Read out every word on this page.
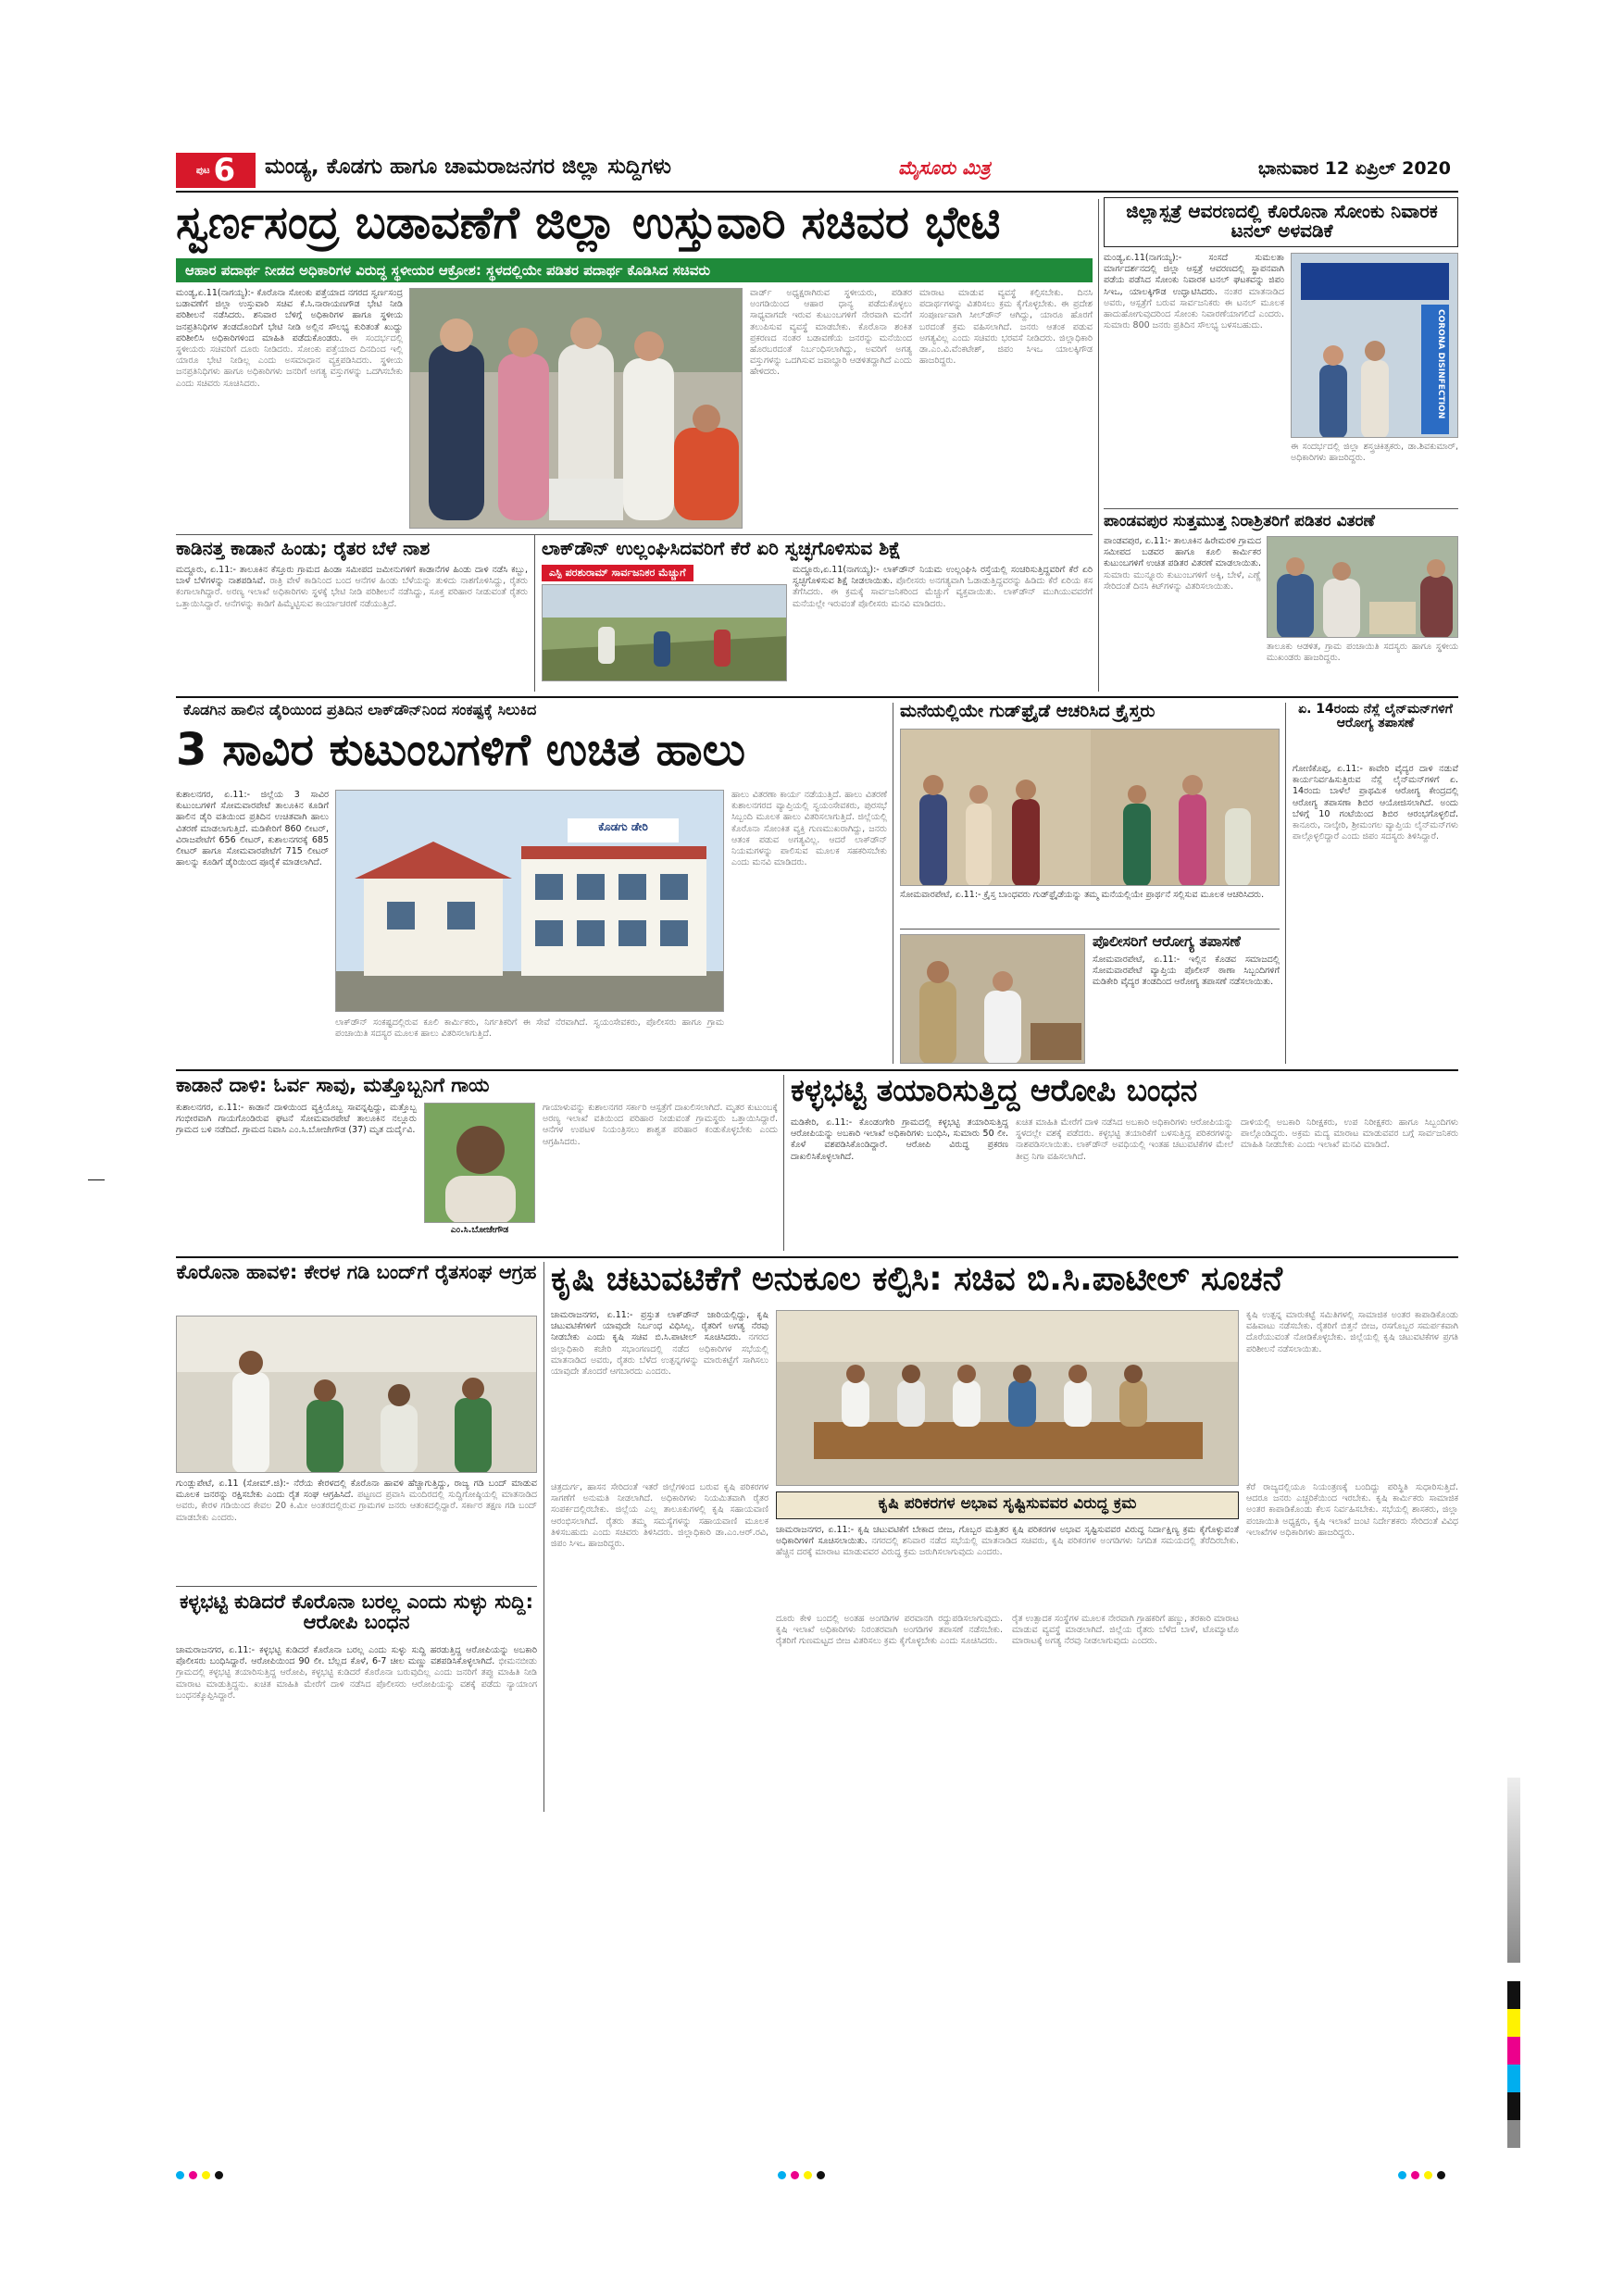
ಪುಟ 6 ಮಂಡ್ಯ, ಕೊಡಗು ಹಾಗೂ ಚಾಮರಾಜನಗರ ಜಿಲ್ಲಾ ಸುದ್ದಿಗಳು	ಮೈಸೂರು ಮಿತ್ರ	ಭಾನುವಾರ 12 ಏಪ್ರಿಲ್ 2020
ಸ್ವರ್ಣಸಂದ್ರ ಬಡಾವಣೆಗೆ ಜಿಲ್ಲಾ ಉಸ್ತುವಾರಿ ಸಚಿವರ ಭೇಟಿ
ಆಹಾರ ಪದಾರ್ಥ ನೀಡದ ಅಧಿಕಾರಿಗಳ ವಿರುದ್ಧ ಸ್ಥಳೀಯರ ಆಕ್ರೋಶ: ಸ್ಥಳದಲ್ಲಿಯೇ ಪಡಿತರ ಪದಾರ್ಥ ಕೊಡಿಸಿದ ಸಚಿವರು
ಮಂಡ್ಯ,ಏ.11(ನಾಗಯ್ಯ):- ಕೊರೊನಾ ಸೋಂಕು ಪತ್ತೆಯಾದ ನಗರದ ಸ್ವರ್ಣಸಂದ್ರ ಬಡಾವಣೆಗೆ ಜಿಲ್ಲಾ ಉಸ್ತುವಾರಿ ಸಚಿವ ಕೆ.ಸಿ.ನಾರಾಯಣಗೌಡ ಭೇಟಿ ನೀಡಿ ಪರಿಶೀಲನೆ ನಡೆಸಿದರು. ಶನಿವಾರ ಬೆಳಿಗ್ಗೆ ಅಧಿಕಾರಿಗಳ ಹಾಗೂ ಸ್ಥಳೀಯ ಜನಪ್ರತಿನಿಧಿಗಳ ತಂಡದೊಂದಿಗೆ ಭೇಟಿ ನೀಡಿ ಅಲ್ಲಿನ ಸೌಲಭ್ಯ ಕುರಿತಂತೆ ಖುದ್ದು ಪರಿಶೀಲಿಸಿ ಅಧಿಕಾರಿಗಳಿಂದ ಮಾಹಿತಿ ಪಡೆದುಕೊಂಡರು. ಈ ಸಂದರ್ಭದಲ್ಲಿ ಸ್ಥಳೀಯರು ಸಚಿವರಿಗೆ ದೂರು ನೀಡಿದರು. ಸೋಂಕು ಪತ್ತೆಯಾದ ದಿನದಿಂದ ಇಲ್ಲಿ ಯಾರೂ ಭೇಟಿ ನೀಡಿಲ್ಲ ಎಂದು ಅಸಮಾಧಾನ ವ್ಯಕ್ತಪಡಿಸಿದರು. ಸ್ಥಳೀಯ ಜನಪ್ರತಿನಿಧಿಗಳು ಹಾಗೂ ಅಧಿಕಾರಿಗಳು ಜನರಿಗೆ ಅಗತ್ಯ ವಸ್ತುಗಳನ್ನು ಒದಗಿಸಬೇಕು ಎಂದು ಸಚಿವರು ಸೂಚಿಸಿದರು.
ವಾರ್ಡ್ ಅಧ್ಯಕ್ಷರಾಗಿರುವ ಸ್ಥಳೀಯರು, ಪಡಿತರ ಅಂಗಡಿಯಿಂದ ಆಹಾರ ಧಾನ್ಯ ಪಡೆದುಕೊಳ್ಳಲು ಸಾಧ್ಯವಾಗದೇ ಇರುವ ಕುಟುಂಬಗಳಿಗೆ ನೇರವಾಗಿ ಮನೆಗೆ ತಲುಪಿಸುವ ವ್ಯವಸ್ಥೆ ಮಾಡಬೇಕು. ಕೊರೊನಾ ಶಂಕಿತ ಪ್ರಕರಣದ ನಂತರ ಬಡಾವಣೆಯ ಜನರನ್ನು ಮನೆಯಿಂದ ಹೊರಬರದಂತೆ ನಿರ್ಬಂಧಿಸಲಾಗಿದ್ದು, ಅವರಿಗೆ ಅಗತ್ಯ ವಸ್ತುಗಳನ್ನು ಒದಗಿಸುವ ಜವಾಬ್ದಾರಿ ಆಡಳಿತದ್ದಾಗಿದೆ ಎಂದು ಹೇಳಿದರು.
ಮಾರಾಟ ಮಾಡುವ ವ್ಯವಸ್ಥೆ ಕಲ್ಪಿಸಬೇಕು. ದಿನಸಿ ಪದಾರ್ಥಗಳನ್ನು ವಿತರಿಸಲು ಕ್ರಮ ಕೈಗೊಳ್ಳಬೇಕು. ಈ ಪ್ರದೇಶ ಸಂಪೂರ್ಣವಾಗಿ ಸೀಲ್‌ಡೌನ್ ಆಗಿದ್ದು, ಯಾರೂ ಹೊರಗೆ ಬರದಂತೆ ಕ್ರಮ ವಹಿಸಲಾಗಿದೆ. ಜನರು ಆತಂಕ ಪಡುವ ಅಗತ್ಯವಿಲ್ಲ ಎಂದು ಸಚಿವರು ಭರವಸೆ ನೀಡಿದರು. ಜಿಲ್ಲಾಧಿಕಾರಿ ಡಾ.ಎಂ.ವಿ.ವೆಂಕಟೇಶ್, ಜಿಪಂ ಸಿಇಒ ಯಾಲಕ್ಕಿಗೌಡ ಹಾಜರಿದ್ದರು.
ಜಿಲ್ಲಾಸ್ಪತ್ರೆ ಆವರಣದಲ್ಲಿ ಕೊರೊನಾ ಸೋಂಕು ನಿವಾರಕ ಟನಲ್ ಅಳವಡಿಕೆ
ಮಂಡ್ಯ,ಏ.11(ನಾಗಯ್ಯ):- ಸಂಸದೆ ಸುಮಲತಾ ಮಾರ್ಗದರ್ಶನದಲ್ಲಿ ಜಿಲ್ಲಾ ಆಸ್ಪತ್ರೆ ಆವರಣದಲ್ಲಿ ಸ್ಥಾಪನವಾಗಿ ಪಡೆಯ ಪಡೆಸಿದ ಸೋಂಕು ನಿವಾರಕ ಟನಲ್ ಘಟಕವನ್ನು ಜಿಪಂ ಸಿಇಒ, ಯಾಲಕ್ಕಿಗೌಡ ಉದ್ಘಾಟಿಸಿದರು. ನಂತರ ಮಾತನಾಡಿದ ಅವರು, ಆಸ್ಪತ್ರೆಗೆ ಬರುವ ಸಾರ್ವಜನಿಕರು ಈ ಟನಲ್ ಮೂಲಕ ಹಾದುಹೋಗುವುದರಿಂದ ಸೋಂಕು ನಿವಾರಣೆಯಾಗಲಿದೆ ಎಂದರು. ಸುಮಾರು 800 ಜನರು ಪ್ರತಿದಿನ ಸೌಲಭ್ಯ ಬಳಸಬಹುದು.	CORONA DISINFECTION
ಈ ಸಂದರ್ಭದಲ್ಲಿ ಜಿಲ್ಲಾ ಶಸ್ತ್ರಚಿಕಿತ್ಸಕರು, ಡಾ.ಶಿವಕುಮಾರ್, ಅಧಿಕಾರಿಗಳು ಹಾಜರಿದ್ದರು.
ಪಾಂಡವಪುರ ಸುತ್ತಮುತ್ತ ನಿರಾಶ್ರಿತರಿಗೆ ಪಡಿತರ ವಿತರಣೆ
ಪಾಂಡವಪುರ, ಏ.11:- ತಾಲೂಕಿನ ಹಿರೇಮರಳಿ ಗ್ರಾಮದ ಸಮೀಪದ ಬಡವರ ಹಾಗೂ ಕೂಲಿ ಕಾರ್ಮಿಕರ ಕುಟುಂಬಗಳಿಗೆ ಉಚಿತ ಪಡಿತರ ವಿತರಣೆ ಮಾಡಲಾಯಿತು. ಸುಮಾರು ಮುನ್ನೂರು ಕುಟುಂಬಗಳಿಗೆ ಅಕ್ಕಿ, ಬೇಳೆ, ಎಣ್ಣೆ ಸೇರಿದಂತೆ ದಿನಸಿ ಕಿಟ್‌ಗಳನ್ನು ವಿತರಿಸಲಾಯಿತು.
ತಾಲೂಕು ಆಡಳಿತ, ಗ್ರಾಮ ಪಂಚಾಯಿತಿ ಸದಸ್ಯರು ಹಾಗೂ ಸ್ಥಳೀಯ ಮುಖಂಡರು ಹಾಜರಿದ್ದರು.
ಕಾಡಿನತ್ತ ಕಾಡಾನೆ ಹಿಂಡು; ರೈತರ ಬೆಳೆ ನಾಶ
ಮದ್ದೂರು, ಏ.11:- ತಾಲೂಕಿನ ಕೆಸ್ತೂರು ಗ್ರಾಮದ ಹಿಂಡಾ ಸಮೀಪದ ಜಮೀನುಗಳಿಗೆ ಕಾಡಾನೆಗಳ ಹಿಂಡು ದಾಳಿ ನಡೆಸಿ ಕಬ್ಬು, ಬಾಳೆ ಬೆಳೆಗಳನ್ನು ನಾಶಪಡಿಸಿವೆ. ರಾತ್ರಿ ವೇಳೆ ಕಾಡಿನಿಂದ ಬಂದ ಆನೆಗಳ ಹಿಂಡು ಬೆಳೆಯನ್ನು ತುಳಿದು ನಾಶಗೊಳಿಸಿದ್ದು, ರೈತರು ಕಂಗಾಲಾಗಿದ್ದಾರೆ. ಅರಣ್ಯ ಇಲಾಖೆ ಅಧಿಕಾರಿಗಳು ಸ್ಥಳಕ್ಕೆ ಭೇಟಿ ನೀಡಿ ಪರಿಶೀಲನೆ ನಡೆಸಿದ್ದು, ಸೂಕ್ತ ಪರಿಹಾರ ನೀಡುವಂತೆ ರೈತರು ಒತ್ತಾಯಿಸಿದ್ದಾರೆ. ಆನೆಗಳನ್ನು ಕಾಡಿಗೆ ಹಿಮ್ಮೆಟ್ಟಿಸುವ ಕಾರ್ಯಾಚರಣೆ ನಡೆಯುತ್ತಿದೆ.
ಲಾಕ್‌ಡೌನ್ ಉಲ್ಲಂಘಿಸಿದವರಿಗೆ ಕೆರೆ ಏರಿ ಸ್ವಚ್ಛಗೊಳಿಸುವ ಶಿಕ್ಷೆ
ಎಸ್ಪಿ ಪರಶುರಾಮ್ ಸಾರ್ವಜನಿಕರ ಮೆಚ್ಚುಗೆ	ಮದ್ದೂರು,ಏ.11(ನಾಗಯ್ಯ):- ಲಾಕ್‌ಡೌನ್ ನಿಯಮ ಉಲ್ಲಂಘಿಸಿ ರಸ್ತೆಯಲ್ಲಿ ಸಂಚರಿಸುತ್ತಿದ್ದವರಿಗೆ ಕೆರೆ ಏರಿ ಸ್ವಚ್ಛಗೊಳಿಸುವ ಶಿಕ್ಷೆ ನೀಡಲಾಯಿತು. ಪೊಲೀಸರು ಅನಗತ್ಯವಾಗಿ ಓಡಾಡುತ್ತಿದ್ದವರನ್ನು ಹಿಡಿದು ಕೆರೆ ಏರಿಯ ಕಸ ತೆಗೆಸಿದರು. ಈ ಕ್ರಮಕ್ಕೆ ಸಾರ್ವಜನಿಕರಿಂದ ಮೆಚ್ಚುಗೆ ವ್ಯಕ್ತವಾಯಿತು. ಲಾಕ್‌ಡೌನ್ ಮುಗಿಯುವವರೆಗೆ ಮನೆಯಲ್ಲೇ ಇರುವಂತೆ ಪೊಲೀಸರು ಮನವಿ ಮಾಡಿದರು.
ಕೊಡಗಿನ ಹಾಲಿನ ಡೈರಿಯಿಂದ ಪ್ರತಿದಿನ ಲಾಕ್‌ಡೌನ್‌ನಿಂದ ಸಂಕಷ್ಟಕ್ಕೆ ಸಿಲುಕಿದ
3 ಸಾವಿರ ಕುಟುಂಬಗಳಿಗೆ ಉಚಿತ ಹಾಲು
ಕುಶಾಲನಗರ, ಏ.11:- ಜಿಲ್ಲೆಯ 3 ಸಾವಿರ ಕುಟುಂಬಗಳಿಗೆ ಸೋಮವಾರಪೇಟೆ ತಾಲೂಕಿನ ಕೂಡಿಗೆ ಹಾಲಿನ ಡೈರಿ ವತಿಯಿಂದ ಪ್ರತಿದಿನ ಉಚಿತವಾಗಿ ಹಾಲು ವಿತರಣೆ ಮಾಡಲಾಗುತ್ತಿದೆ. ಮಡಿಕೇರಿಗೆ 860 ಲೀಟರ್, ವಿರಾಜಪೇಟೆಗೆ 656 ಲೀಟರ್, ಕುಶಾಲನಗರಕ್ಕೆ 685 ಲೀಟರ್ ಹಾಗೂ ಸೋಮವಾರಪೇಟೆಗೆ 715 ಲೀಟರ್ ಹಾಲನ್ನು ಕೂಡಿಗೆ ಡೈರಿಯಿಂದ ಪೂರೈಕೆ ಮಾಡಲಾಗಿದೆ.
ಕೊಡಗು ಡೇರಿ
ಲಾಕ್‌ಡೌನ್ ಸಂಕಷ್ಟದಲ್ಲಿರುವ ಕೂಲಿ ಕಾರ್ಮಿಕರು, ನಿರ್ಗತಿಕರಿಗೆ ಈ ಸೇವೆ ನೆರವಾಗಿದೆ. ಸ್ವಯಂಸೇವಕರು, ಪೊಲೀಸರು ಹಾಗೂ ಗ್ರಾಮ ಪಂಚಾಯಿತಿ ಸದಸ್ಯರ ಮೂಲಕ ಹಾಲು ವಿತರಿಸಲಾಗುತ್ತಿದೆ.
ಹಾಲು ವಿತರಣಾ ಕಾರ್ಯ ನಡೆಯುತ್ತಿದೆ. ಹಾಲು ವಿತರಣೆ ಕುಶಾಲನಗರದ ವ್ಯಾಪ್ತಿಯಲ್ಲಿ ಸ್ವಯಂಸೇವಕರು, ಪುರಸಭೆ ಸಿಬ್ಬಂದಿ ಮೂಲಕ ಹಾಲು ವಿತರಿಸಲಾಗುತ್ತಿದೆ. ಜಿಲ್ಲೆಯಲ್ಲಿ ಕೊರೊನಾ ಸೋಂಕಿತ ವ್ಯಕ್ತಿ ಗುಣಮುಖರಾಗಿದ್ದು, ಜನರು ಆತಂಕ ಪಡುವ ಅಗತ್ಯವಿಲ್ಲ. ಆದರೆ ಲಾಕ್‌ಡೌನ್ ನಿಯಮಗಳನ್ನು ಪಾಲಿಸುವ ಮೂಲಕ ಸಹಕರಿಸಬೇಕು ಎಂದು ಮನವಿ ಮಾಡಿದರು.
ಮನೆಯಲ್ಲಿಯೇ ಗುಡ್‌ಫ್ರೈಡೆ ಆಚರಿಸಿದ ಕ್ರೈಸ್ತರು
ಸೋಮವಾರಪೇಟೆ, ಏ.11:- ಕ್ರೈಸ್ತ ಬಾಂಧವರು ಗುಡ್‌ಫ್ರೈಡೆಯನ್ನು ತಮ್ಮ ಮನೆಯಲ್ಲಿಯೇ ಪ್ರಾರ್ಥನೆ ಸಲ್ಲಿಸುವ ಮೂಲಕ ಆಚರಿಸಿದರು.
ಪೊಲೀಸರಿಗೆ ಆರೋಗ್ಯ ತಪಾಸಣೆ
ಸೋಮವಾರಪೇಟೆ, ಏ.11:- ಇಲ್ಲಿನ ಕೊಡವ ಸಮಾಜದಲ್ಲಿ ಸೋಮವಾರಪೇಟೆ ವ್ಯಾಪ್ತಿಯ ಪೊಲೀಸ್ ಠಾಣಾ ಸಿಬ್ಬಂದಿಗಳಿಗೆ ಮಡಿಕೇರಿ ವೈದ್ಯರ ತಂಡದಿಂದ ಆರೋಗ್ಯ ತಪಾಸಣೆ ನಡೆಸಲಾಯಿತು.
ಏ. 14ರಂದು ನೆಸ್ಲೆ ಲೈನ್‌ಮನ್‌ಗಳಿಗೆ ಆರೋಗ್ಯ ತಪಾಸಣೆ
ಗೋಣಿಕೊಪ್ಪ, ಏ.11:- ಕಾವೇರಿ ವೈದ್ಯರ ದಾಳಿ ನಡುವೆ ಕಾರ್ಯನಿರ್ವಹಿಸುತ್ತಿರುವ ನೆಸ್ಲೆ ಲೈನ್‌ಮನ್‌ಗಳಿಗೆ ಏ. 14ರಂದು ಬಾಳೆಲೆ ಪ್ರಾಥಮಿಕ ಆರೋಗ್ಯ ಕೇಂದ್ರದಲ್ಲಿ ಆರೋಗ್ಯ ತಪಾಸಣಾ ಶಿಬಿರ ಆಯೋಜಿಸಲಾಗಿದೆ. ಅಂದು ಬೆಳಿಗ್ಗೆ 10 ಗಂಟೆಯಿಂದ ಶಿಬಿರ ಆರಂಭಗೊಳ್ಳಲಿದೆ. ಕಾನೂರು, ನಾಲ್ಕೇರಿ, ಶ್ರೀಮಂಗಲ ವ್ಯಾಪ್ತಿಯ ಲೈನ್‌ಮನ್‌ಗಳು ಪಾಲ್ಗೊಳ್ಳಲಿದ್ದಾರೆ ಎಂದು ಜಿಪಂ ಸದಸ್ಯರು ತಿಳಿಸಿದ್ದಾರೆ.
ಕಾಡಾನೆ ದಾಳಿ: ಓರ್ವ ಸಾವು, ಮತ್ತೊಬ್ಬನಿಗೆ ಗಾಯ
ಕುಶಾಲನಗರ, ಏ.11:- ಕಾಡಾನೆ ದಾಳಿಯಿಂದ ವ್ಯಕ್ತಿಯೊಬ್ಬ ಸಾವನ್ನಪ್ಪಿದ್ದು, ಮತ್ತೊಬ್ಬ ಗಂಭೀರವಾಗಿ ಗಾಯಗೊಂಡಿರುವ ಘಟನೆ ಸೋಮವಾರಪೇಟೆ ತಾಲೂಕಿನ ನಲ್ಲೂರು ಗ್ರಾಮದ ಬಳಿ ನಡೆದಿದೆ. ಗ್ರಾಮದ ನಿವಾಸಿ ಎಂ.ಸಿ.ಬೋಜೇಗೌಡ (37) ಮೃತ ದುರ್ದೈವಿ.
ಎಂ.ಸಿ.ಬೋಜೇಗೌಡ
ಗಾಯಾಳುವನ್ನು ಕುಶಾಲನಗರ ಸರ್ಕಾರಿ ಆಸ್ಪತ್ರೆಗೆ ದಾಖಲಿಸಲಾಗಿದೆ. ಮೃತರ ಕುಟುಂಬಕ್ಕೆ ಅರಣ್ಯ ಇಲಾಖೆ ವತಿಯಿಂದ ಪರಿಹಾರ ನೀಡುವಂತೆ ಗ್ರಾಮಸ್ಥರು ಒತ್ತಾಯಿಸಿದ್ದಾರೆ. ಆನೆಗಳ ಉಪಟಳ ನಿಯಂತ್ರಿಸಲು ಶಾಶ್ವತ ಪರಿಹಾರ ಕಂಡುಕೊಳ್ಳಬೇಕು ಎಂದು ಆಗ್ರಹಿಸಿದರು.
ಕಳ್ಳಭಟ್ಟಿ ತಯಾರಿಸುತ್ತಿದ್ದ ಆರೋಪಿ ಬಂಧನ
ಮಡಿಕೇರಿ, ಏ.11:- ಕೊಂಡಂಗೇರಿ ಗ್ರಾಮದಲ್ಲಿ ಕಳ್ಳಭಟ್ಟಿ ತಯಾರಿಸುತ್ತಿದ್ದ ಆರೋಪಿಯನ್ನು ಅಬಕಾರಿ ಇಲಾಖೆ ಅಧಿಕಾರಿಗಳು ಬಂಧಿಸಿ, ಸುಮಾರು 50 ಲೀ. ಕೊಳೆ ವಶಪಡಿಸಿಕೊಂಡಿದ್ದಾರೆ. ಆರೋಪಿ ವಿರುದ್ಧ ಪ್ರಕರಣ ದಾಖಲಿಸಿಕೊಳ್ಳಲಾಗಿದೆ.
ಖಚಿತ ಮಾಹಿತಿ ಮೇರೆಗೆ ದಾಳಿ ನಡೆಸಿದ ಅಬಕಾರಿ ಅಧಿಕಾರಿಗಳು ಆರೋಪಿಯನ್ನು ಸ್ಥಳದಲ್ಲೇ ವಶಕ್ಕೆ ಪಡೆದರು. ಕಳ್ಳಭಟ್ಟಿ ತಯಾರಿಕೆಗೆ ಬಳಸುತ್ತಿದ್ದ ಪರಿಕರಗಳನ್ನು ನಾಶಪಡಿಸಲಾಯಿತು. ಲಾಕ್‌ಡೌನ್ ಅವಧಿಯಲ್ಲಿ ಇಂತಹ ಚಟುವಟಿಕೆಗಳ ಮೇಲೆ ತೀವ್ರ ನಿಗಾ ವಹಿಸಲಾಗಿದೆ.
ದಾಳಿಯಲ್ಲಿ ಅಬಕಾರಿ ನಿರೀಕ್ಷಕರು, ಉಪ ನಿರೀಕ್ಷಕರು ಹಾಗೂ ಸಿಬ್ಬಂದಿಗಳು ಪಾಲ್ಗೊಂಡಿದ್ದರು. ಅಕ್ರಮ ಮದ್ಯ ಮಾರಾಟ ಮಾಡುವವರ ಬಗ್ಗೆ ಸಾರ್ವಜನಿಕರು ಮಾಹಿತಿ ನೀಡಬೇಕು ಎಂದು ಇಲಾಖೆ ಮನವಿ ಮಾಡಿದೆ.
ಕೊರೊನಾ ಹಾವಳಿ: ಕೇರಳ ಗಡಿ ಬಂದ್‌ಗೆ ರೈತಸಂಘ ಆಗ್ರಹ
ಗುಂಡ್ಲುಪೇಟೆ, ಏ.11 (ಸೋಮ್.ಜಿ):- ನೆರೆಯ ಕೇರಳದಲ್ಲಿ ಕೊರೊನಾ ಹಾವಳಿ ಹೆಚ್ಚಾಗುತ್ತಿದ್ದು, ರಾಜ್ಯ ಗಡಿ ಬಂದ್ ಮಾಡುವ ಮೂಲಕ ಜನರನ್ನು ರಕ್ಷಿಸಬೇಕು ಎಂದು ರೈತ ಸಂಘ ಆಗ್ರಹಿಸಿದೆ. ಪಟ್ಟಣದ ಪ್ರವಾಸಿ ಮಂದಿರದಲ್ಲಿ ಸುದ್ದಿಗೋಷ್ಠಿಯಲ್ಲಿ ಮಾತನಾಡಿದ ಅವರು, ಕೇರಳ ಗಡಿಯಿಂದ ಕೇವಲ 20 ಕಿ.ಮೀ ಅಂತರದಲ್ಲಿರುವ ಗ್ರಾಮಗಳ ಜನರು ಆತಂಕದಲ್ಲಿದ್ದಾರೆ. ಸರ್ಕಾರ ತಕ್ಷಣ ಗಡಿ ಬಂದ್ ಮಾಡಬೇಕು ಎಂದರು.
ಕಳ್ಳಭಟ್ಟಿ ಕುಡಿದರೆ ಕೊರೊನಾ ಬರಲ್ಲ ಎಂದು ಸುಳ್ಳು ಸುದ್ದಿ: ಆರೋಪಿ ಬಂಧನ
ಚಾಮರಾಜನಗರ, ಏ.11:- ಕಳ್ಳಭಟ್ಟಿ ಕುಡಿದರೆ ಕೊರೊನಾ ಬರಲ್ಲ ಎಂದು ಸುಳ್ಳು ಸುದ್ದಿ ಹರಡುತ್ತಿದ್ದ ಆರೋಪಿಯನ್ನು ಅಬಕಾರಿ ಪೊಲೀಸರು ಬಂಧಿಸಿದ್ದಾರೆ. ಆರೋಪಿಯಿಂದ 90 ಲೀ. ಬೆಲ್ಲದ ಕೊಳೆ, 6-7 ಚೀಲ ಮಣ್ಣು ವಶಪಡಿಸಿಕೊಳ್ಳಲಾಗಿದೆ. ಭೀಮನಬೀಡು ಗ್ರಾಮದಲ್ಲಿ ಕಳ್ಳಭಟ್ಟಿ ತಯಾರಿಸುತ್ತಿದ್ದ ಆರೋಪಿ, ಕಳ್ಳಭಟ್ಟಿ ಕುಡಿದರೆ ಕೊರೊನಾ ಬರುವುದಿಲ್ಲ ಎಂದು ಜನರಿಗೆ ತಪ್ಪು ಮಾಹಿತಿ ನೀಡಿ ಮಾರಾಟ ಮಾಡುತ್ತಿದ್ದನು. ಖಚಿತ ಮಾಹಿತಿ ಮೇರೆಗೆ ದಾಳಿ ನಡೆಸಿದ ಪೊಲೀಸರು ಆರೋಪಿಯನ್ನು ವಶಕ್ಕೆ ಪಡೆದು ನ್ಯಾಯಾಂಗ ಬಂಧನಕ್ಕೊಪ್ಪಿಸಿದ್ದಾರೆ.
ಕೃಷಿ ಚಟುವಟಿಕೆಗೆ ಅನುಕೂಲ ಕಲ್ಪಿಸಿ: ಸಚಿವ ಬಿ.ಸಿ.ಪಾಟೀಲ್ ಸೂಚನೆ
ಚಾಮರಾಜನಗರ, ಏ.11:- ಪ್ರಸ್ತುತ ಲಾಕ್‌ಡೌನ್ ಜಾರಿಯಲ್ಲಿದ್ದು, ಕೃಷಿ ಚಟುವಟಿಕೆಗಳಿಗೆ ಯಾವುದೇ ನಿರ್ಬಂಧ ವಿಧಿಸಿಲ್ಲ. ರೈತರಿಗೆ ಅಗತ್ಯ ನೆರವು ನೀಡಬೇಕು ಎಂದು ಕೃಷಿ ಸಚಿವ ಬಿ.ಸಿ.ಪಾಟೀಲ್ ಸೂಚಿಸಿದರು. ನಗರದ ಜಿಲ್ಲಾಧಿಕಾರಿ ಕಚೇರಿ ಸಭಾಂಗಣದಲ್ಲಿ ನಡೆದ ಅಧಿಕಾರಿಗಳ ಸಭೆಯಲ್ಲಿ ಮಾತನಾಡಿದ ಅವರು, ರೈತರು ಬೆಳೆದ ಉತ್ಪನ್ನಗಳನ್ನು ಮಾರುಕಟ್ಟೆಗೆ ಸಾಗಿಸಲು ಯಾವುದೇ ತೊಂದರೆ ಆಗಬಾರದು ಎಂದರು.
ಕೃಷಿ ಉತ್ಪನ್ನ ಮಾರುಕಟ್ಟೆ ಸಮಿತಿಗಳಲ್ಲಿ ಸಾಮಾಜಿಕ ಅಂತರ ಕಾಪಾಡಿಕೊಂಡು ವಹಿವಾಟು ನಡೆಸಬೇಕು. ರೈತರಿಗೆ ಬಿತ್ತನೆ ಬೀಜ, ರಸಗೊಬ್ಬರ ಸಮರ್ಪಕವಾಗಿ ದೊರೆಯುವಂತೆ ನೋಡಿಕೊಳ್ಳಬೇಕು. ಜಿಲ್ಲೆಯಲ್ಲಿ ಕೃಷಿ ಚಟುವಟಿಕೆಗಳ ಪ್ರಗತಿ ಪರಿಶೀಲನೆ ನಡೆಸಲಾಯಿತು.
ಕೃಷಿ ಪರಿಕರಗಳ ಅಭಾವ ಸೃಷ್ಟಿಸುವವರ ವಿರುದ್ಧ ಕ್ರಮ
ಚಾಮರಾಜನಗರ, ಏ.11:- ಕೃಷಿ ಚಟುವಟಿಕೆಗೆ ಬೇಕಾದ ಬೀಜ, ಗೊಬ್ಬರ ಮತ್ತಿತರ ಕೃಷಿ ಪರಿಕರಗಳ ಅಭಾವ ಸೃಷ್ಟಿಸುವವರ ವಿರುದ್ಧ ನಿರ್ದಾಕ್ಷಿಣ್ಯ ಕ್ರಮ ಕೈಗೊಳ್ಳುವಂತೆ ಅಧಿಕಾರಿಗಳಿಗೆ ಸೂಚಿಸಲಾಯಿತು. ನಗರದಲ್ಲಿ ಶನಿವಾರ ನಡೆದ ಸಭೆಯಲ್ಲಿ ಮಾತನಾಡಿದ ಸಚಿವರು, ಕೃಷಿ ಪರಿಕರಗಳ ಅಂಗಡಿಗಳು ನಿಗದಿತ ಸಮಯದಲ್ಲಿ ತೆರೆದಿರಬೇಕು. ಹೆಚ್ಚಿನ ದರಕ್ಕೆ ಮಾರಾಟ ಮಾಡುವವರ ವಿರುದ್ಧ ಕ್ರಮ ಜರುಗಿಸಲಾಗುವುದು ಎಂದರು.
ಚಿತ್ರದುರ್ಗ, ಹಾಸನ ಸೇರಿದಂತೆ ಇತರೆ ಜಿಲ್ಲೆಗಳಿಂದ ಬರುವ ಕೃಷಿ ಪರಿಕರಗಳ ಸಾಗಣೆಗೆ ಅನುಮತಿ ನೀಡಲಾಗಿದೆ. ಅಧಿಕಾರಿಗಳು ನಿಯಮಿತವಾಗಿ ರೈತರ ಸಂಪರ್ಕದಲ್ಲಿರಬೇಕು. ಜಿಲ್ಲೆಯ ಎಲ್ಲ ತಾಲೂಕುಗಳಲ್ಲಿ ಕೃಷಿ ಸಹಾಯವಾಣಿ ಆರಂಭಿಸಲಾಗಿದೆ. ರೈತರು ತಮ್ಮ ಸಮಸ್ಯೆಗಳನ್ನು ಸಹಾಯವಾಣಿ ಮೂಲಕ ತಿಳಿಸಬಹುದು ಎಂದು ಸಚಿವರು ತಿಳಿಸಿದರು. ಜಿಲ್ಲಾಧಿಕಾರಿ ಡಾ.ಎಂ.ಆರ್.ರವಿ, ಜಿಪಂ ಸಿಇಒ ಹಾಜರಿದ್ದರು.
ದೂರು ಕೇಳಿ ಬಂದಲ್ಲಿ ಅಂತಹ ಅಂಗಡಿಗಳ ಪರವಾನಗಿ ರದ್ದುಪಡಿಸಲಾಗುವುದು. ಕೃಷಿ ಇಲಾಖೆ ಅಧಿಕಾರಿಗಳು ನಿರಂತರವಾಗಿ ಅಂಗಡಿಗಳ ತಪಾಸಣೆ ನಡೆಸಬೇಕು. ರೈತರಿಗೆ ಗುಣಮಟ್ಟದ ಬೀಜ ವಿತರಿಸಲು ಕ್ರಮ ಕೈಗೊಳ್ಳಬೇಕು ಎಂದು ಸೂಚಿಸಿದರು.
ರೈತ ಉತ್ಪಾದಕ ಸಂಸ್ಥೆಗಳ ಮೂಲಕ ನೇರವಾಗಿ ಗ್ರಾಹಕರಿಗೆ ಹಣ್ಣು, ತರಕಾರಿ ಮಾರಾಟ ಮಾಡುವ ವ್ಯವಸ್ಥೆ ಮಾಡಲಾಗಿದೆ. ಜಿಲ್ಲೆಯ ರೈತರು ಬೆಳೆದ ಬಾಳೆ, ಟೊಮ್ಯಾಟೊ ಮಾರಾಟಕ್ಕೆ ಅಗತ್ಯ ನೆರವು ನೀಡಲಾಗುವುದು ಎಂದರು.
ಕೆರೆ ರಾಜ್ಯದಲ್ಲಿಯೂ ನಿಯಂತ್ರಣಕ್ಕೆ ಬಂದಿದ್ದು ಪರಿಸ್ಥಿತಿ ಸುಧಾರಿಸುತ್ತಿದೆ. ಆದರೂ ಜನರು ಎಚ್ಚರಿಕೆಯಿಂದ ಇರಬೇಕು. ಕೃಷಿ ಕಾರ್ಮಿಕರು ಸಾಮಾಜಿಕ ಅಂತರ ಕಾಪಾಡಿಕೊಂಡು ಕೆಲಸ ನಿರ್ವಹಿಸಬೇಕು. ಸಭೆಯಲ್ಲಿ ಶಾಸಕರು, ಜಿಲ್ಲಾ ಪಂಚಾಯಿತಿ ಅಧ್ಯಕ್ಷರು, ಕೃಷಿ ಇಲಾಖೆ ಜಂಟಿ ನಿರ್ದೇಶಕರು ಸೇರಿದಂತೆ ವಿವಿಧ ಇಲಾಖೆಗಳ ಅಧಿಕಾರಿಗಳು ಹಾಜರಿದ್ದರು.
